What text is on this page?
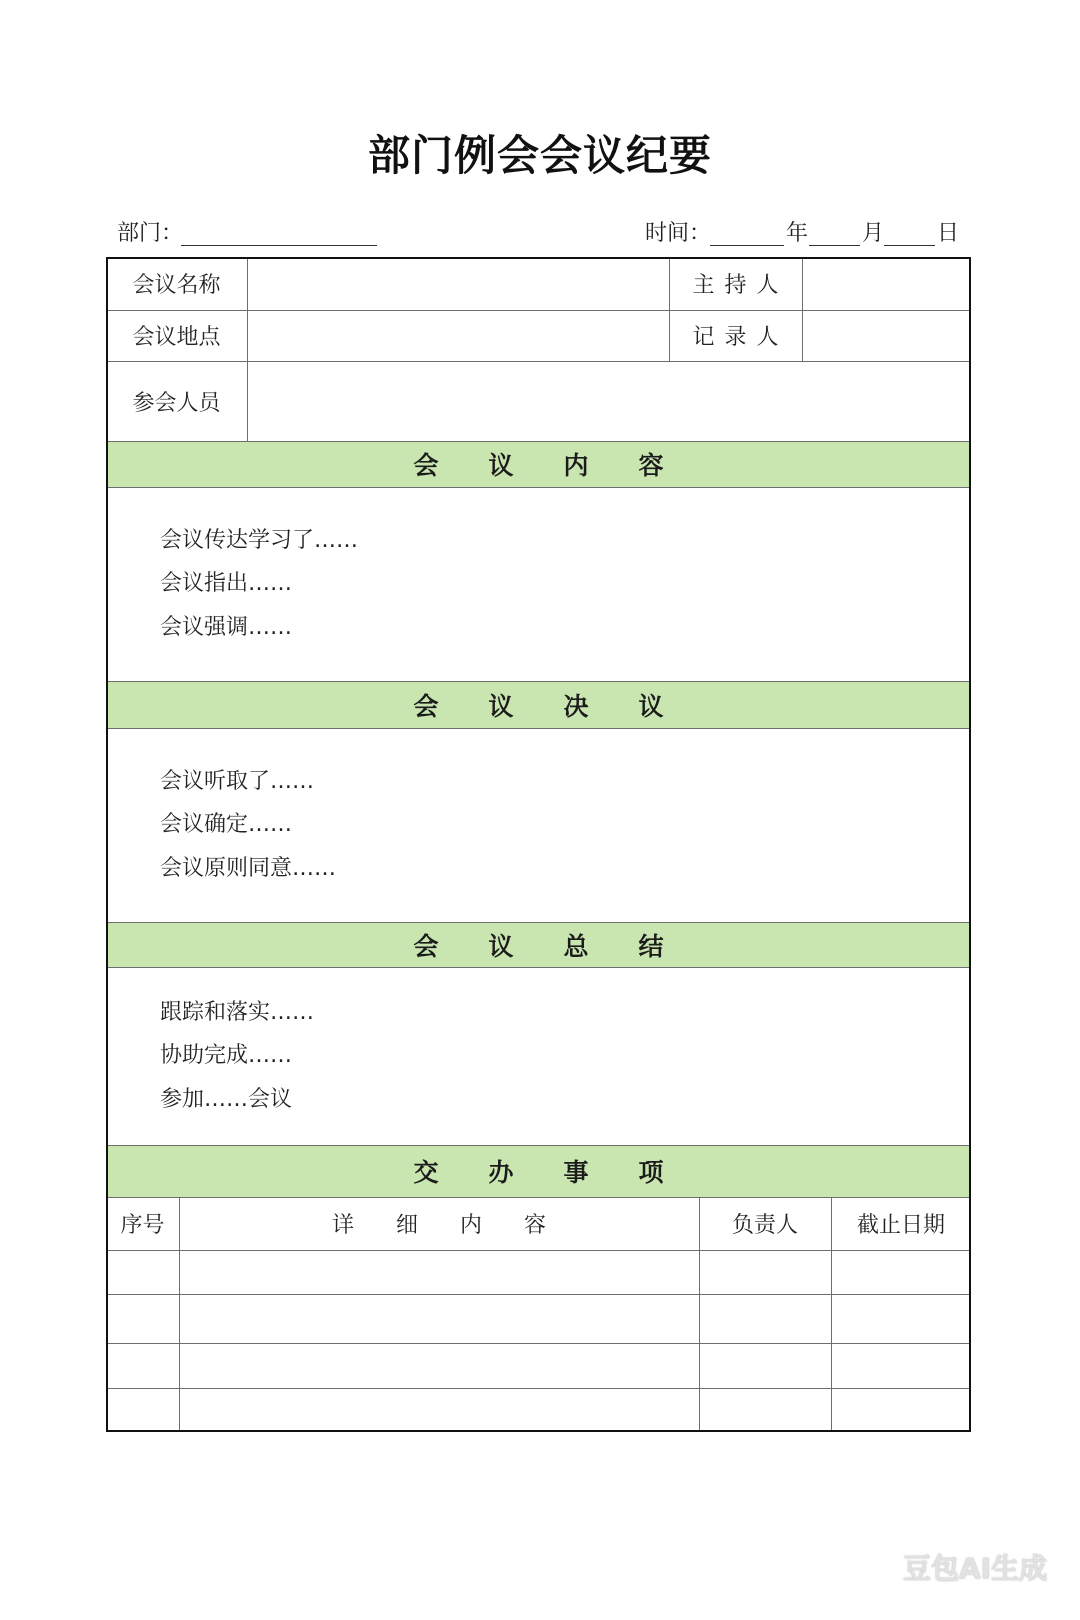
部门例会会议纪要
部门：	时间：	年 月 日
会议名称	主持人
会议地点	记录人
参会人员
会议内容
会议传达学习了……
会议指出……
会议强调……
会议决议
会议听取了……
会议确定……
会议原则同意……
会议总结
跟踪和落实……
协助完成……
参加……会议
交办事项
序号	详细内容	负责人	截止日期
豆包AI生成
